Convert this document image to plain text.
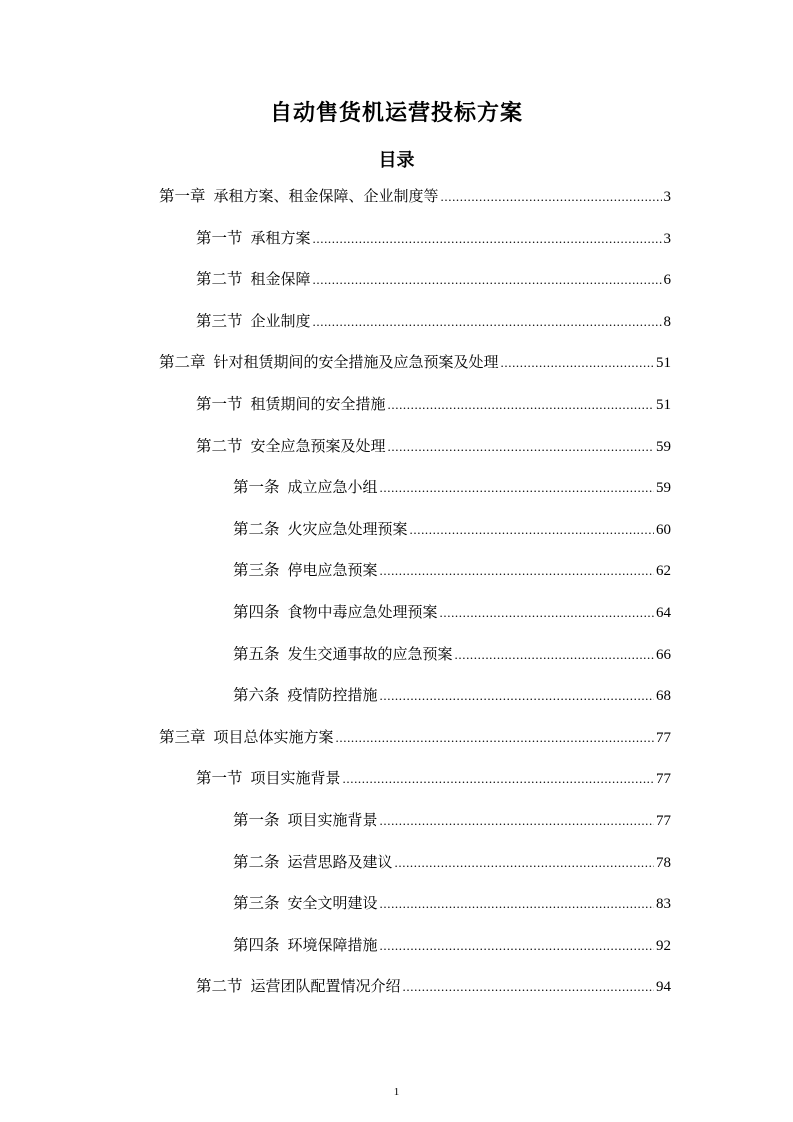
自动售货机运营投标方案
目录
第一章 承租方案、租金保障、企业制度等 .....	3
第一节 承租方案 .....	3
第二节 租金保障 .....	6
第三节 企业制度 .....	8
第二章 针对租赁期间的安全措施及应急预案及处理 .....	51
第一节 租赁期间的安全措施 .....	51
第二节 安全应急预案及处理 .....	59
第一条 成立应急小组 .....	59
第二条 火灾应急处理预案 .....	60
第三条 停电应急预案 .....	62
第四条 食物中毒应急处理预案 .....	64
第五条 发生交通事故的应急预案 .....	66
第六条 疫情防控措施 .....	68
第三章 项目总体实施方案 .....	77
第一节 项目实施背景 .....	77
第一条 项目实施背景 .....	77
第二条 运营思路及建议 .....	78
第三条 安全文明建设 .....	83
第四条 环境保障措施 .....	92
第二节 运营团队配置情况介绍 .....	94
1
